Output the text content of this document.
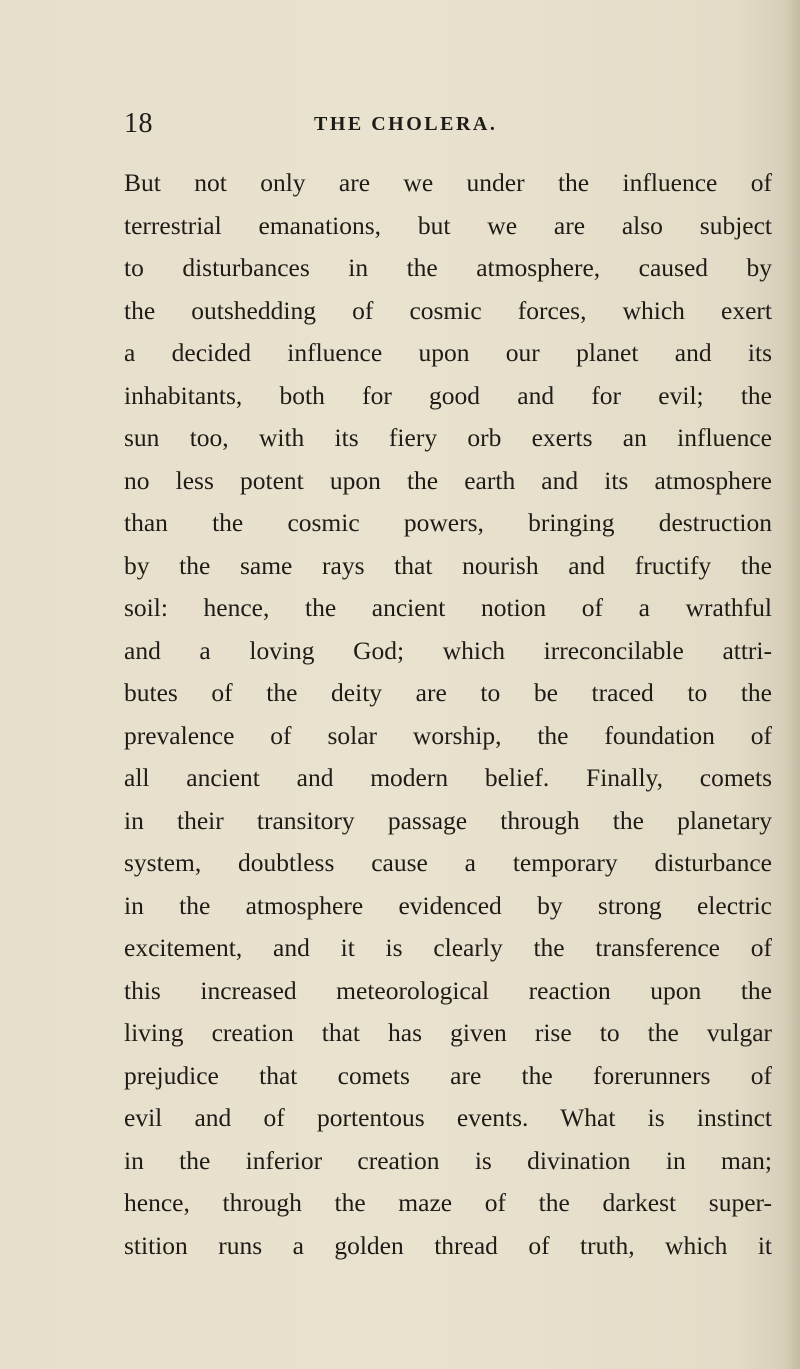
18	THE CHOLERA.
But not only are we under the influence of
terrestrial emanations, but we are also subject
to disturbances in the atmosphere, caused by
the outshedding of cosmic forces, which exert
a decided influence upon our planet and its
inhabitants, both for good and for evil; the
sun too, with its fiery orb exerts an influence
no less potent upon the earth and its atmosphere
than the cosmic powers, bringing destruction
by the same rays that nourish and fructify the
soil: hence, the ancient notion of a wrathful
and a loving God; which irreconcilable attri-
butes of the deity are to be traced to the
prevalence of solar worship, the foundation of
all ancient and modern belief. Finally, comets
in their transitory passage through the planetary
system, doubtless cause a temporary disturbance
in the atmosphere evidenced by strong electric
excitement, and it is clearly the transference of
this increased meteorological reaction upon the
living creation that has given rise to the vulgar
prejudice that comets are the forerunners of
evil and of portentous events. What is instinct
in the inferior creation is divination in man;
hence, through the maze of the darkest super-
stition runs a golden thread of truth, which it
